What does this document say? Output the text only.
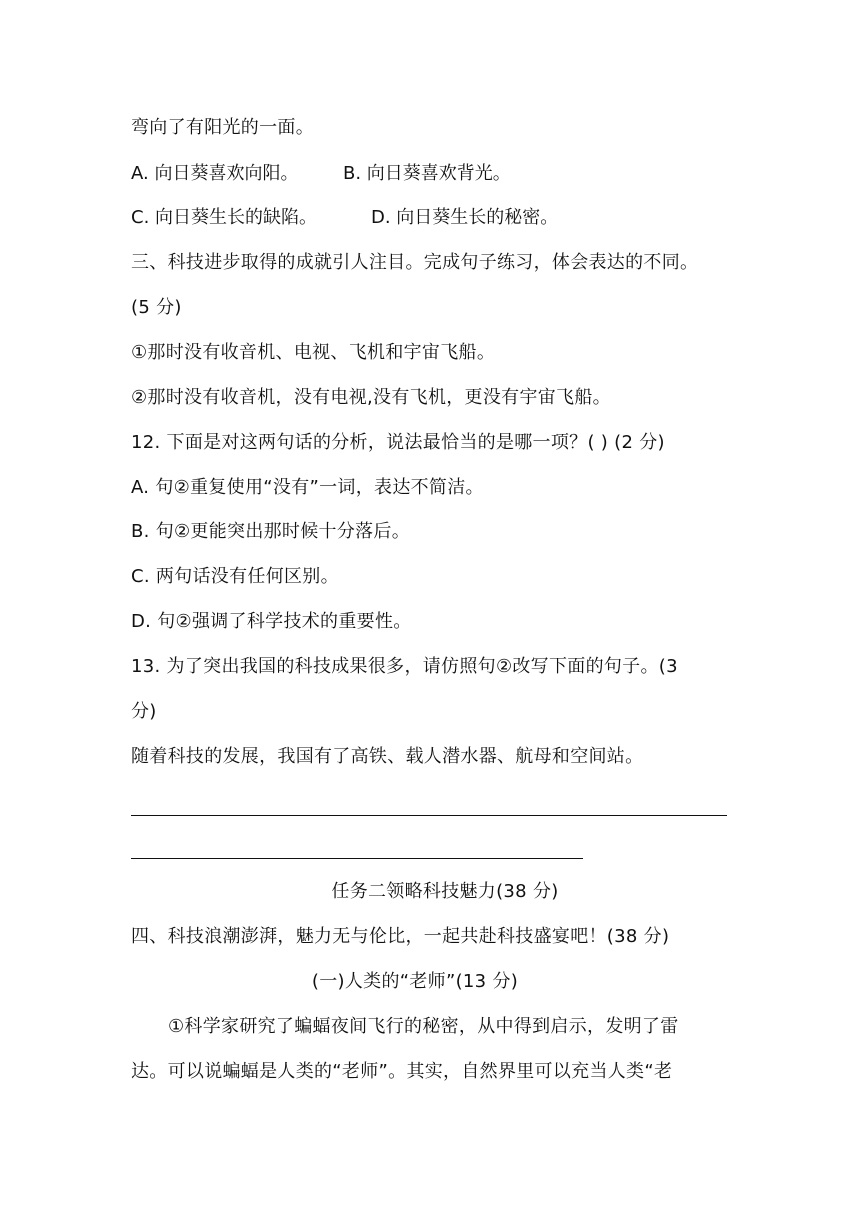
弯向了有阳光的一面。
A. 向日葵喜欢向阳。 B. 向日葵喜欢背光。
C. 向日葵生长的缺陷。	D. 向日葵生长的秘密。
三、科技进步取得的成就引人注目。完成句子练习，体会表达的不同。
(5 分)
①那时没有收音机、电视、飞机和宇宙飞船。
②那时没有收音机，没有电视,没有飞机，更没有宇宙飞船。
12. 下面是对这两句话的分析，说法最恰当的是哪一项？( ) (2 分)
A. 句②重复使用“没有”一词，表达不简洁。
B. 句②更能突出那时候十分落后。
C. 两句话没有任何区别。
D. 句②强调了科学技术的重要性。
13. 为了突出我国的科技成果很多，请仿照句②改写下面的句子。(3
分)
随着科技的发展，我国有了高铁、载人潜水器、航母和空间站。
任务二领略科技魅力(38 分)
四、科技浪潮澎湃，魅力无与伦比，一起共赴科技盛宴吧！(38 分)
(一)人类的“老师”(13 分)
①科学家研究了蝙蝠夜间飞行的秘密，从中得到启示，发明了雷
达。可以说蝙蝠是人类的“老师”。其实，自然界里可以充当人类“老
